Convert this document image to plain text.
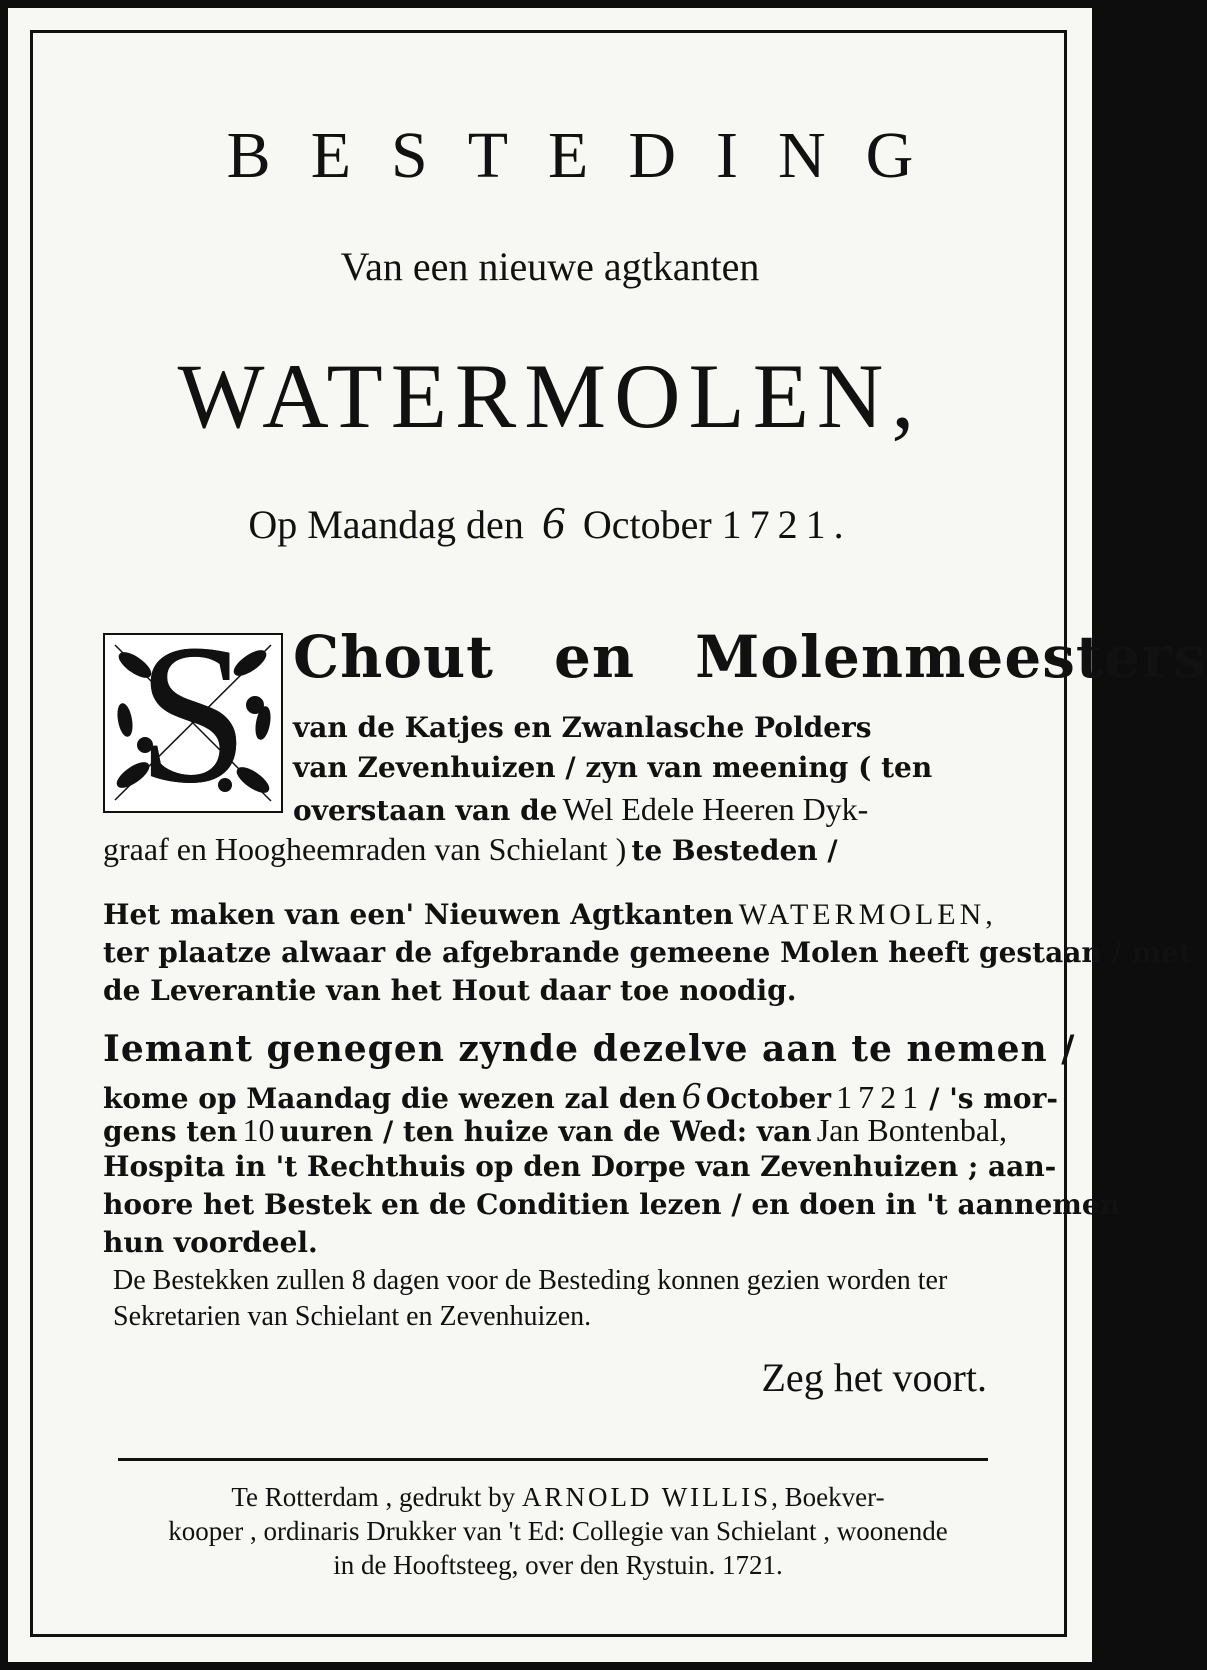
BESTEDING
Van een nieuwe agtkanten
WATERMOLEN,
Op Maandag den 6 October 1721.
S Chout en Molenmeesters
van de Katjes en Zwanlasche Polders
van Zevenhuizen / zyn van meening ( ten
overstaan van de Wel Edele Heeren Dyk-
graaf en Hoogheemraden van Schielant ) te Besteden /
Het maken van een' Nieuwen Agtkanten WATERMOLEN,
ter plaatze alwaar de afgebrande gemeene Molen heeft gestaan / met
de Leverantie van het Hout daar toe noodig.
Iemant genegen zynde dezelve aan te nemen /
kome op Maandag die wezen zal den 6 October 1721 / 's mor-
gens ten 10 uuren / ten huize van de Wed: van Jan Bontenbal,
Hospita in 't Rechthuis op den Dorpe van Zevenhuizen ; aan-
hoore het Bestek en de Conditien lezen / en doen in 't aannemen
hun voordeel.
De Bestekken zullen 8 dagen voor de Besteding konnen gezien worden ter Sekretarien van Schielant en Zevenhuizen.
Zeg het voort.
Te Rotterdam , gedrukt by ARNOLD WILLIS, Boekver-
kooper , ordinaris Drukker van 't Ed: Collegie van Schielant , woonende
in de Hooftsteeg, over den Rystuin. 1721.
